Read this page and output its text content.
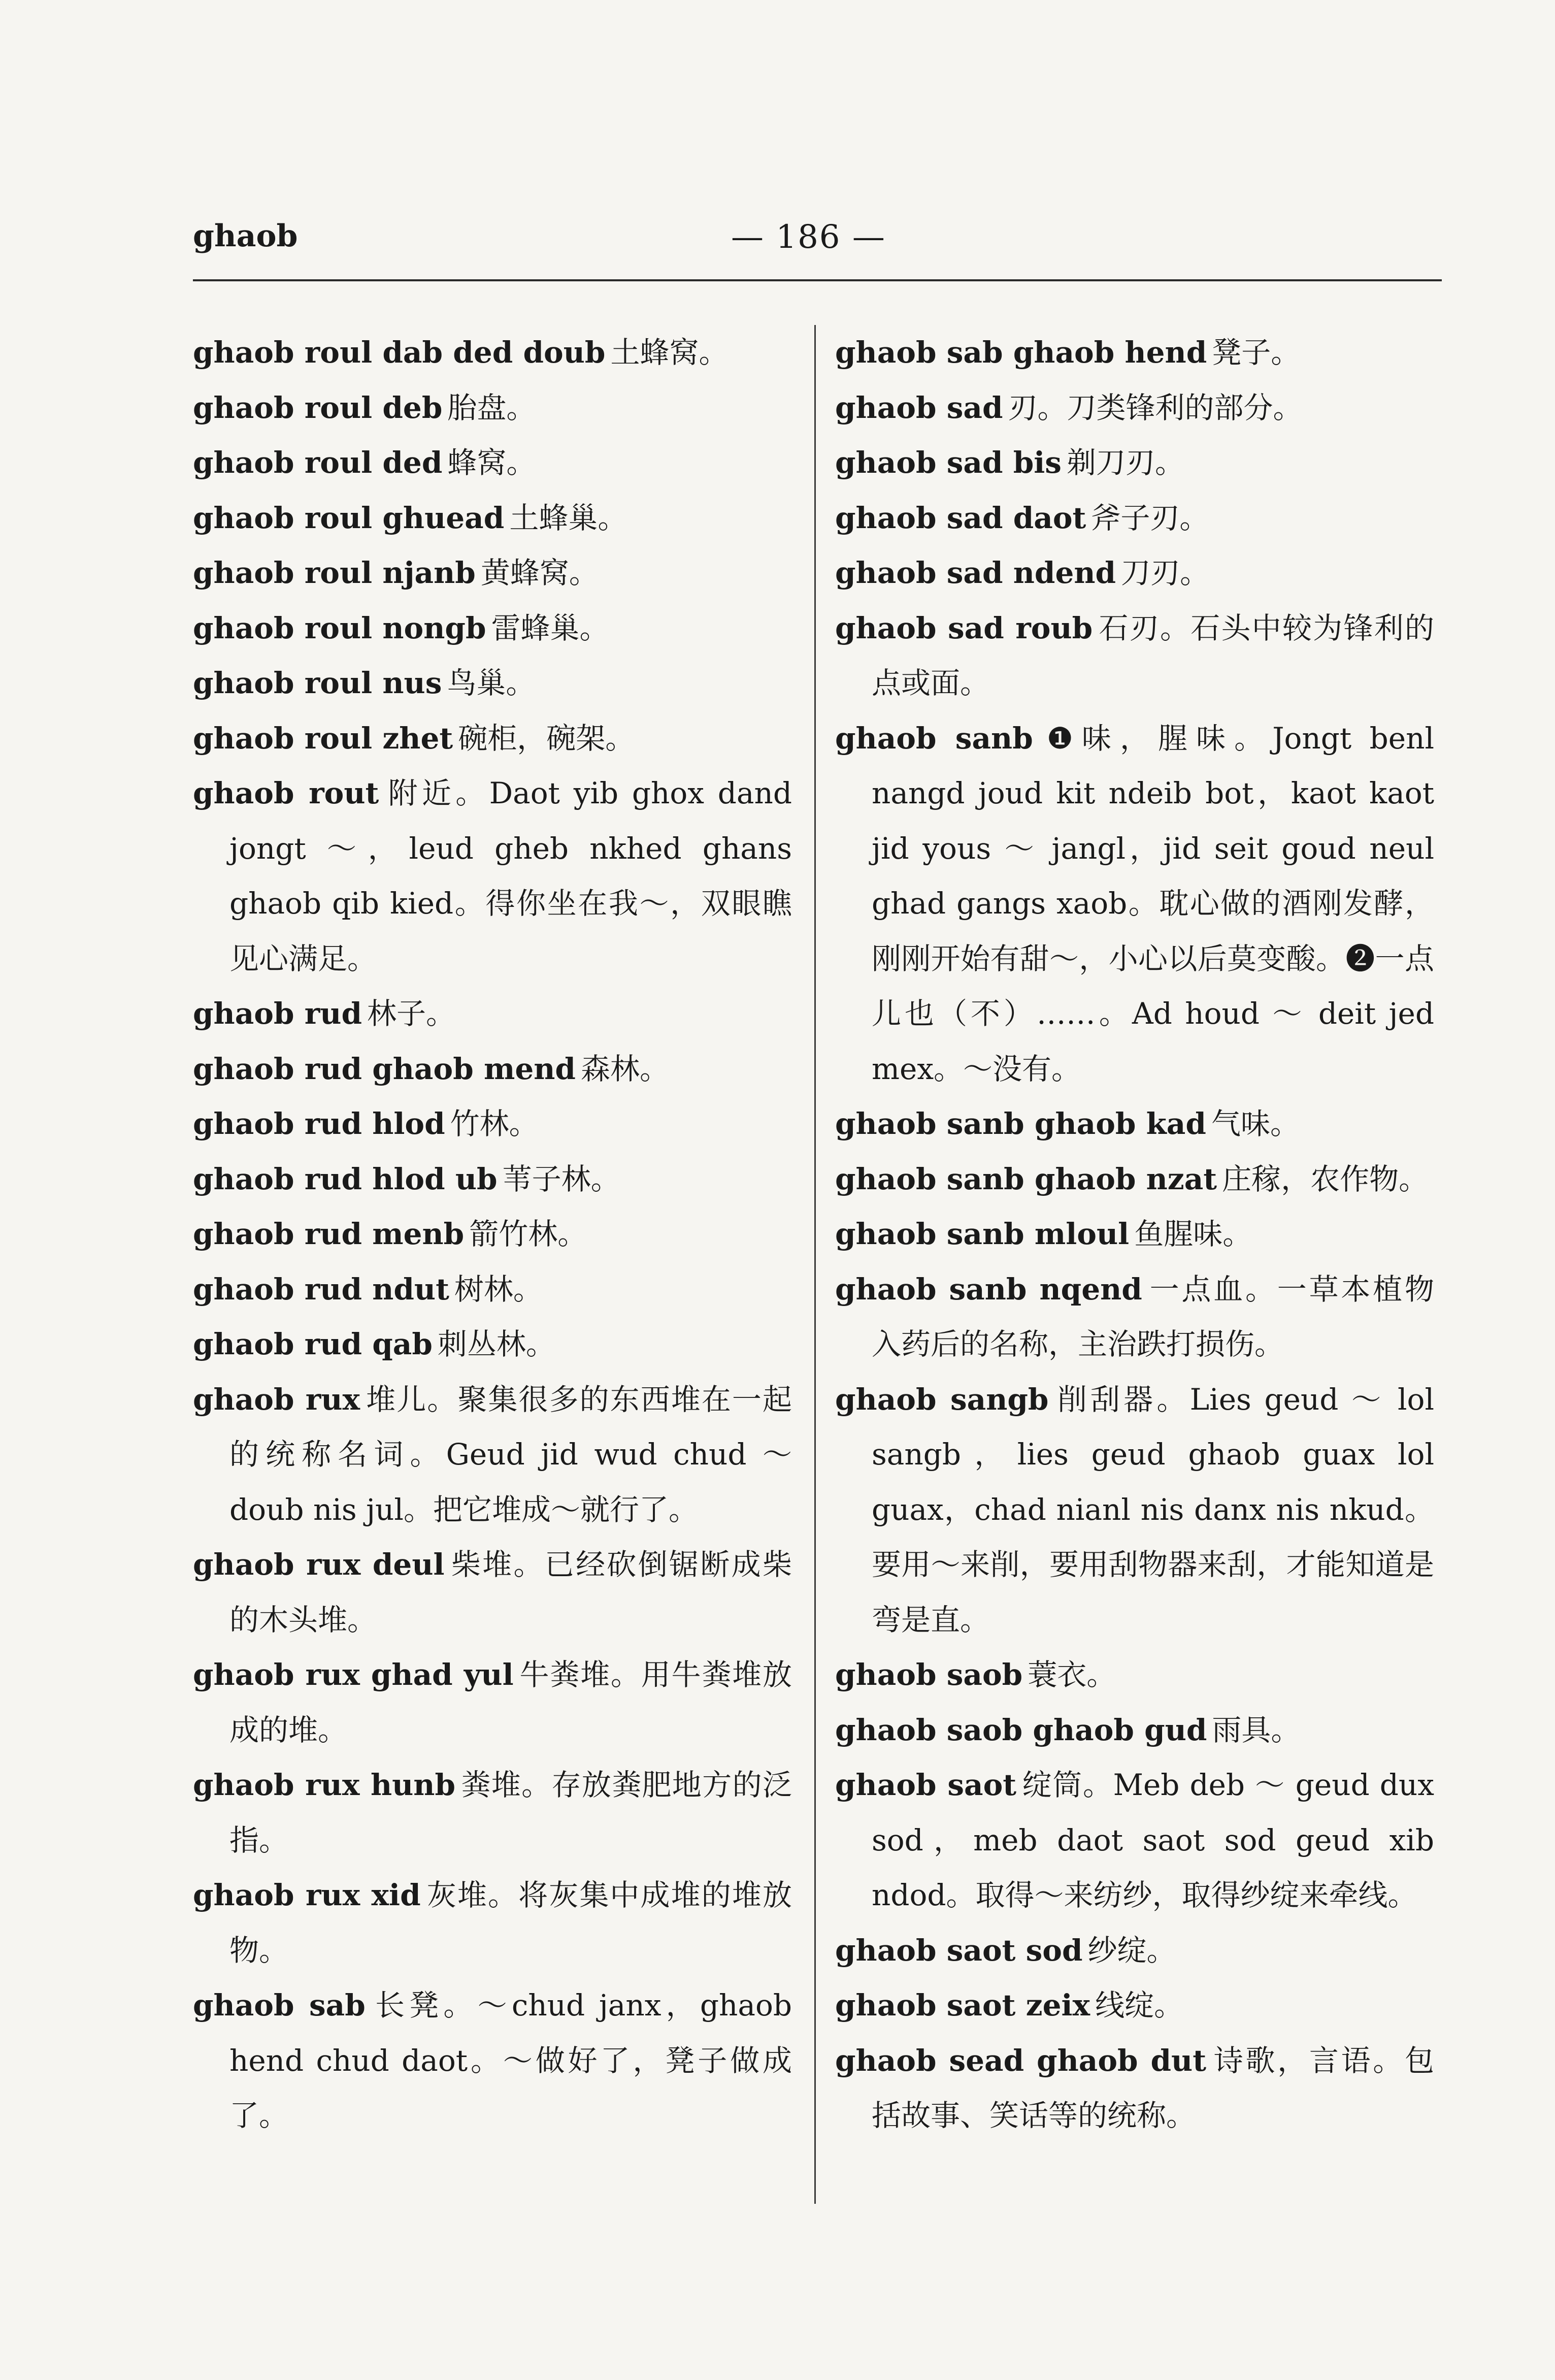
ghaob	— 186 —

ghaob roul dab ded doub 土蜂窝。

ghaob roul deb 胎盘。

ghaob roul ded 蜂窝。

ghaob roul ghuead 土蜂巢。

ghaob roul njanb 黄蜂窝。

ghaob roul nongb 雷蜂巢。

ghaob roul nus 鸟巢。

ghaob roul zhet 碗柜，碗架。

ghaob rout 附近。Daot yib ghox dand jongt ～，leud gheb nkhed ghans ghaob qib kied。得你坐在我～，双眼瞧见心满足。

ghaob rud 林子。

ghaob rud ghaob mend 森林。

ghaob rud hlod 竹林。

ghaob rud hlod ub 苇子林。

ghaob rud menb 箭竹林。

ghaob rud ndut 树林。

ghaob rud qab 刺丛林。

ghaob rux 堆儿。聚集很多的东西堆在一起的统称名词。Geud jid wud chud ～ doub nis jul。把它堆成～就行了。

ghaob rux deul 柴堆。已经砍倒锯断成柴的木头堆。

ghaob rux ghad yul 牛粪堆。用牛粪堆放成的堆。

ghaob rux hunb 粪堆。存放粪肥地方的泛指。

ghaob rux xid 灰堆。将灰集中成堆的堆放物。

ghaob sab 长凳。～chud janx，ghaob hend chud daot。～做好了，凳子做成了。

ghaob sab ghaob hend 凳子。

ghaob sad 刃。刀类锋利的部分。

ghaob sad bis 剃刀刃。

ghaob sad daot 斧子刃。

ghaob sad ndend 刀刃。

ghaob sad roub 石刃。石头中较为锋利的点或面。

ghaob sanb ❶味，腥味。Jongt benl nangd joud kit ndeib bot，kaot kaot jid yous ～ jangl，jid seit goud neul ghad gangs xaob。耽心做的酒刚发酵，刚刚开始有甜～，小心以后莫变酸。❷一点儿也（不）……。Ad houd ～ deit jed mex。～没有。

ghaob sanb ghaob kad 气味。

ghaob sanb ghaob nzat 庄稼，农作物。

ghaob sanb mloul 鱼腥味。

ghaob sanb nqend 一点血。一草本植物入药后的名称，主治跌打损伤。

ghaob sangb 削刮器。Lies geud ～ lol sangb，lies geud ghaob guax lol guax，chad nianl nis danx nis nkud。要用～来削，要用刮物器来刮，才能知道是弯是直。

ghaob saob 蓑衣。

ghaob saob ghaob gud 雨具。

ghaob saot 绽筒。Meb deb ～ geud dux sod，meb daot saot sod geud xib ndod。取得～来纺纱，取得纱绽来牵线。

ghaob saot sod 纱绽。

ghaob saot zeix 线绽。

ghaob sead ghaob dut 诗歌，言语。包括故事、笑话等的统称。
